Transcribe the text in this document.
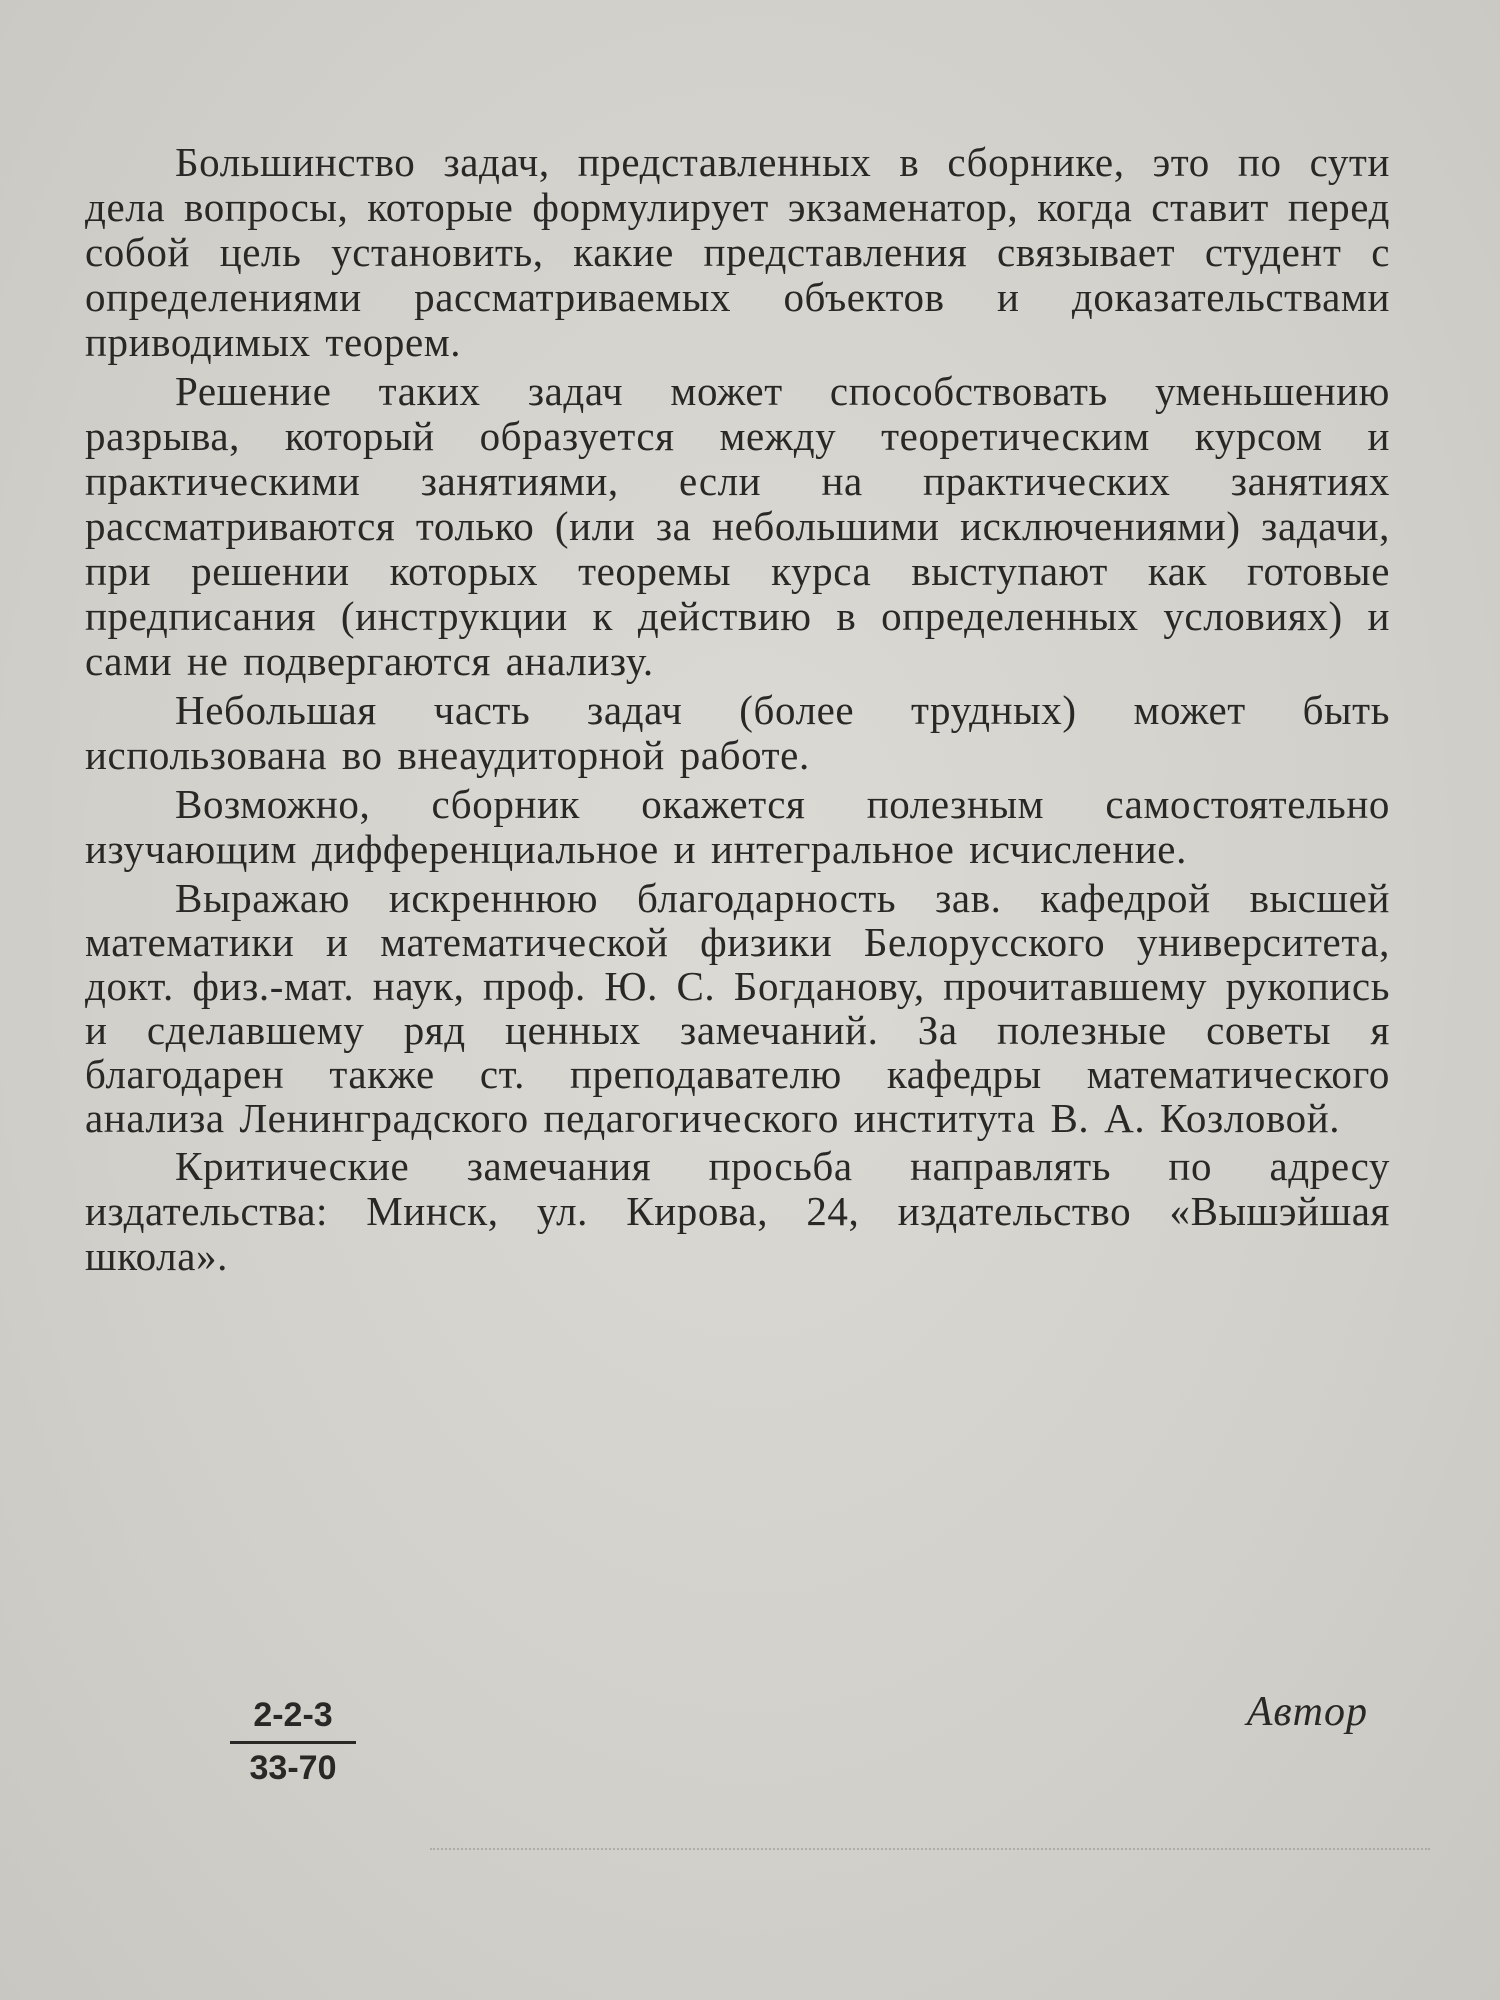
Большинство задач, представленных в сборнике, это по сути дела вопросы, которые формулирует экзаменатор, когда ставит перед собой цель установить, какие представления связывает студент с определениями рассматриваемых объектов и доказательствами приводимых теорем.

Решение таких задач может способствовать уменьшению разрыва, который образуется между теоретическим курсом и практическими занятиями, если на практических занятиях рассматриваются только (или за небольшими исключениями) задачи, при решении которых теоремы курса выступают как готовые предписания (инструкции к действию в определенных условиях) и сами не подвергаются анализу.

Небольшая часть задач (более трудных) может быть использована во внеаудиторной работе.

Возможно, сборник окажется полезным самостоятельно изучающим дифференциальное и интегральное исчисление.

Выражаю искреннюю благодарность зав. кафедрой высшей математики и математической физики Белорусского университета, докт. физ.-мат. наук, проф. Ю. С. Богданову, прочитавшему рукопись и сделавшему ряд ценных замечаний. За полезные советы я благодарен также ст. преподавателю кафедры математического анализа Ленинградского педагогического института В. А. Козловой.

Критические замечания просьба направлять по адресу издательства: Минск, ул. Кирова, 24, издательство «Вышэйшая школа».

2-2-3
33-70
Автор
